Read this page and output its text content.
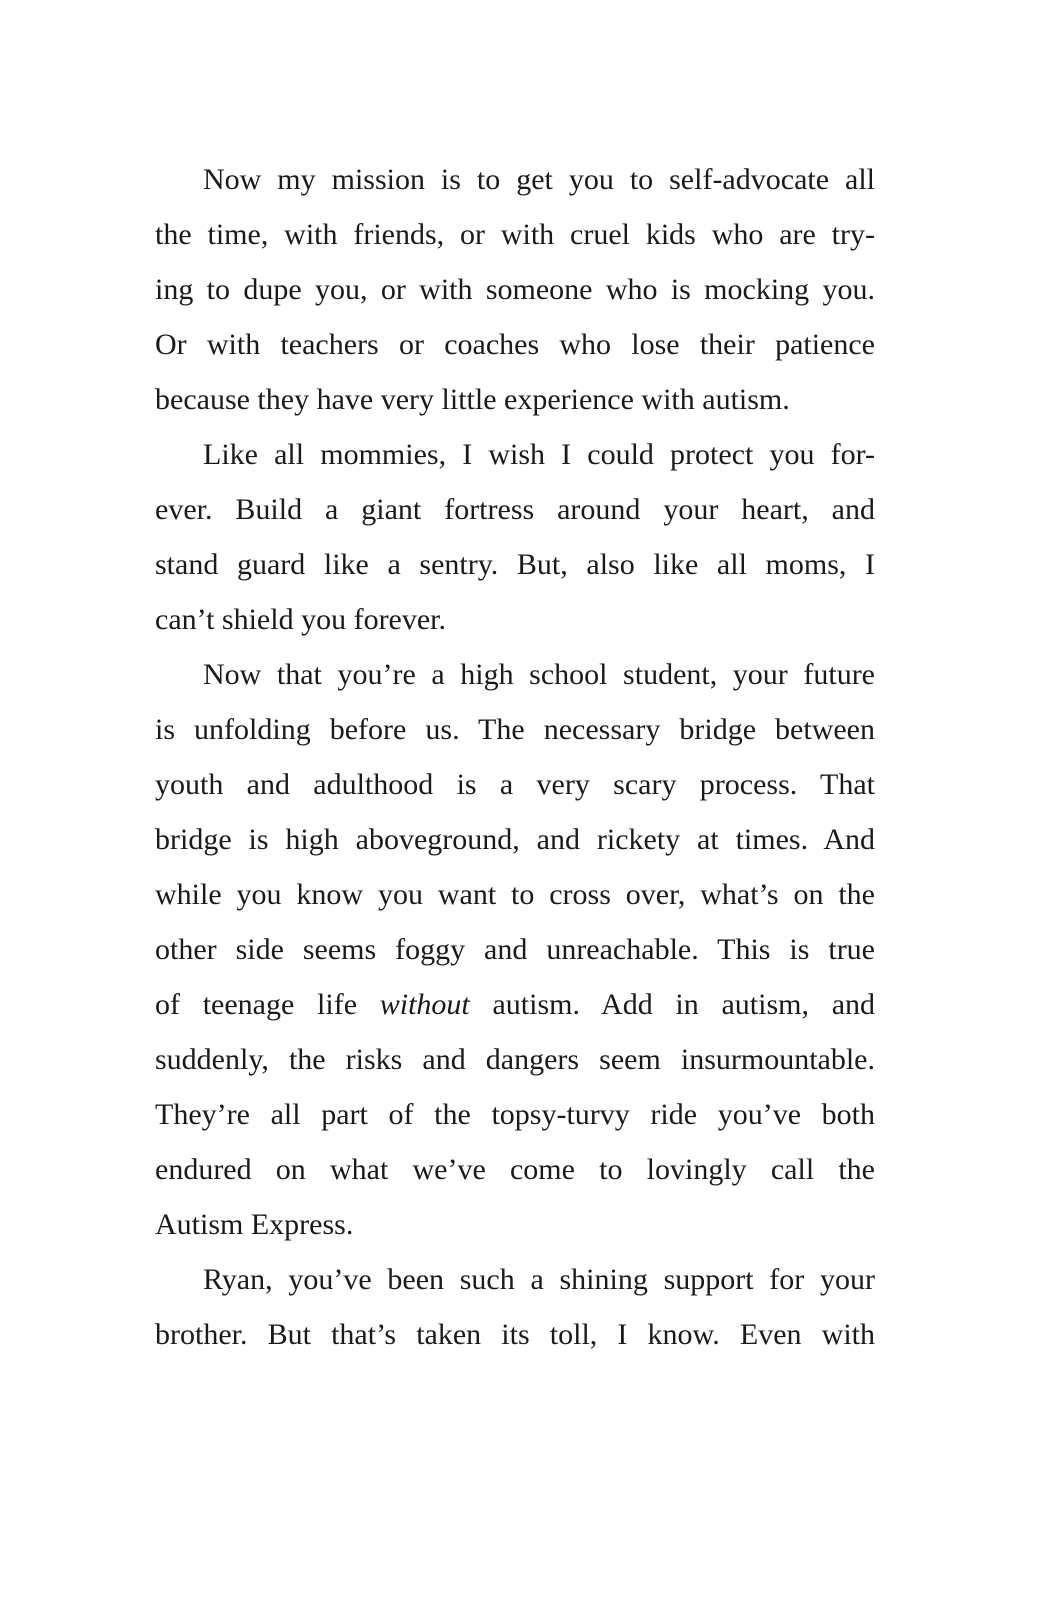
Now my mission is to get you to self-advocate all
the time, with friends, or with cruel kids who are try-
ing to dupe you, or with someone who is mocking you.
Or with teachers or coaches who lose their patience
because they have very little experience with autism.
Like all mommies, I wish I could protect you for-
ever. Build a giant fortress around your heart, and
stand guard like a sentry. But, also like all moms, I
can’t shield you forever.
Now that you’re a high school student, your future
is unfolding before us. The necessary bridge between
youth and adulthood is a very scary process. That
bridge is high aboveground, and rickety at times. And
while you know you want to cross over, what’s on the
other side seems foggy and unreachable. This is true
of teenage life without autism. Add in autism, and
suddenly, the risks and dangers seem insurmountable.
They’re all part of the topsy-turvy ride you’ve both
endured on what we’ve come to lovingly call the
Autism Express.
Ryan, you’ve been such a shining support for your
brother. But that’s taken its toll, I know. Even with
